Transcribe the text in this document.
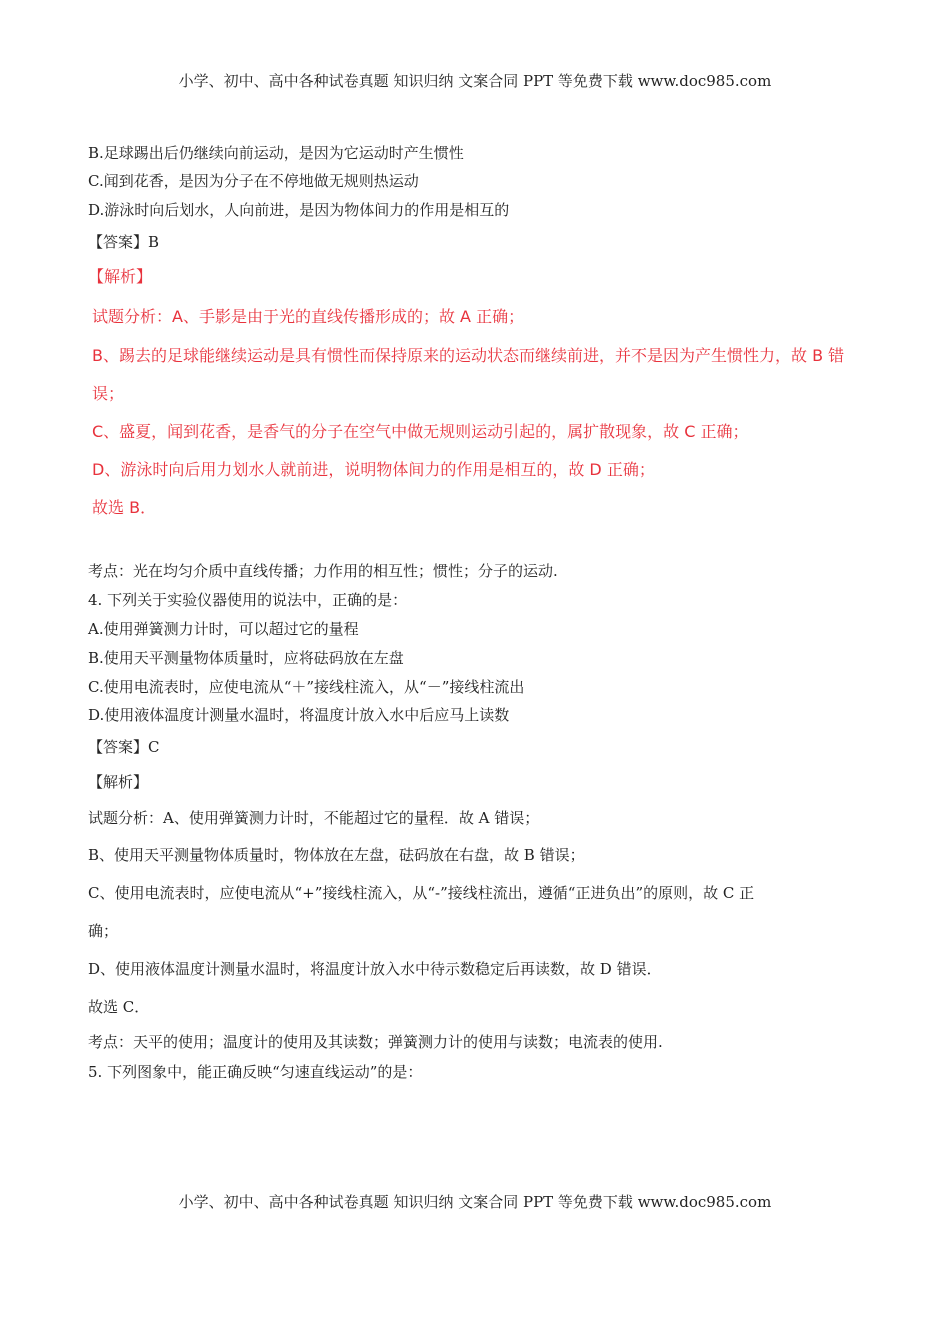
小学、初中、高中各种试卷真题 知识归纳 文案合同 PPT 等免费下载 www.doc985.com
B.足球踢出后仍继续向前运动，是因为它运动时产生惯性
C.闻到花香，是因为分子在不停地做无规则热运动
D.游泳时向后划水，人向前进，是因为物体间力的作用是相互的
【答案】B
【解析】
试题分析：A、手影是由于光的直线传播形成的；故 A 正确；
B、踢去的足球能继续运动是具有惯性而保持原来的运动状态而继续前进，并不是因为产生惯性力，故 B 错
误；
C、盛夏，闻到花香，是香气的分子在空气中做无规则运动引起的，属扩散现象，故 C 正确；
D、游泳时向后用力划水人就前进，说明物体间力的作用是相互的，故 D 正确；
故选 B．
考点：光在均匀介质中直线传播；力作用的相互性；惯性；分子的运动.
4. 下列关于实验仪器使用的说法中，正确的是：
A.使用弹簧测力计时，可以超过它的量程
B.使用天平测量物体质量时，应将砝码放在左盘
C.使用电流表时，应使电流从“＋”接线柱流入，从“－”接线柱流出
D.使用液体温度计测量水温时，将温度计放入水中后应马上读数
【答案】C
【解析】
试题分析：A、使用弹簧测力计时，不能超过它的量程．故 A 错误；
B、使用天平测量物体质量时，物体放在左盘，砝码放在右盘，故 B 错误；
C、使用电流表时，应使电流从“+”接线柱流入，从“-”接线柱流出，遵循“正进负出”的原则，故 C 正
确；
D、使用液体温度计测量水温时，将温度计放入水中待示数稳定后再读数，故 D 错误．
故选 C．
考点：天平的使用；温度计的使用及其读数；弹簧测力计的使用与读数；电流表的使用.
5. 下列图象中，能正确反映“匀速直线运动”的是：
小学、初中、高中各种试卷真题 知识归纳 文案合同 PPT 等免费下载 www.doc985.com
